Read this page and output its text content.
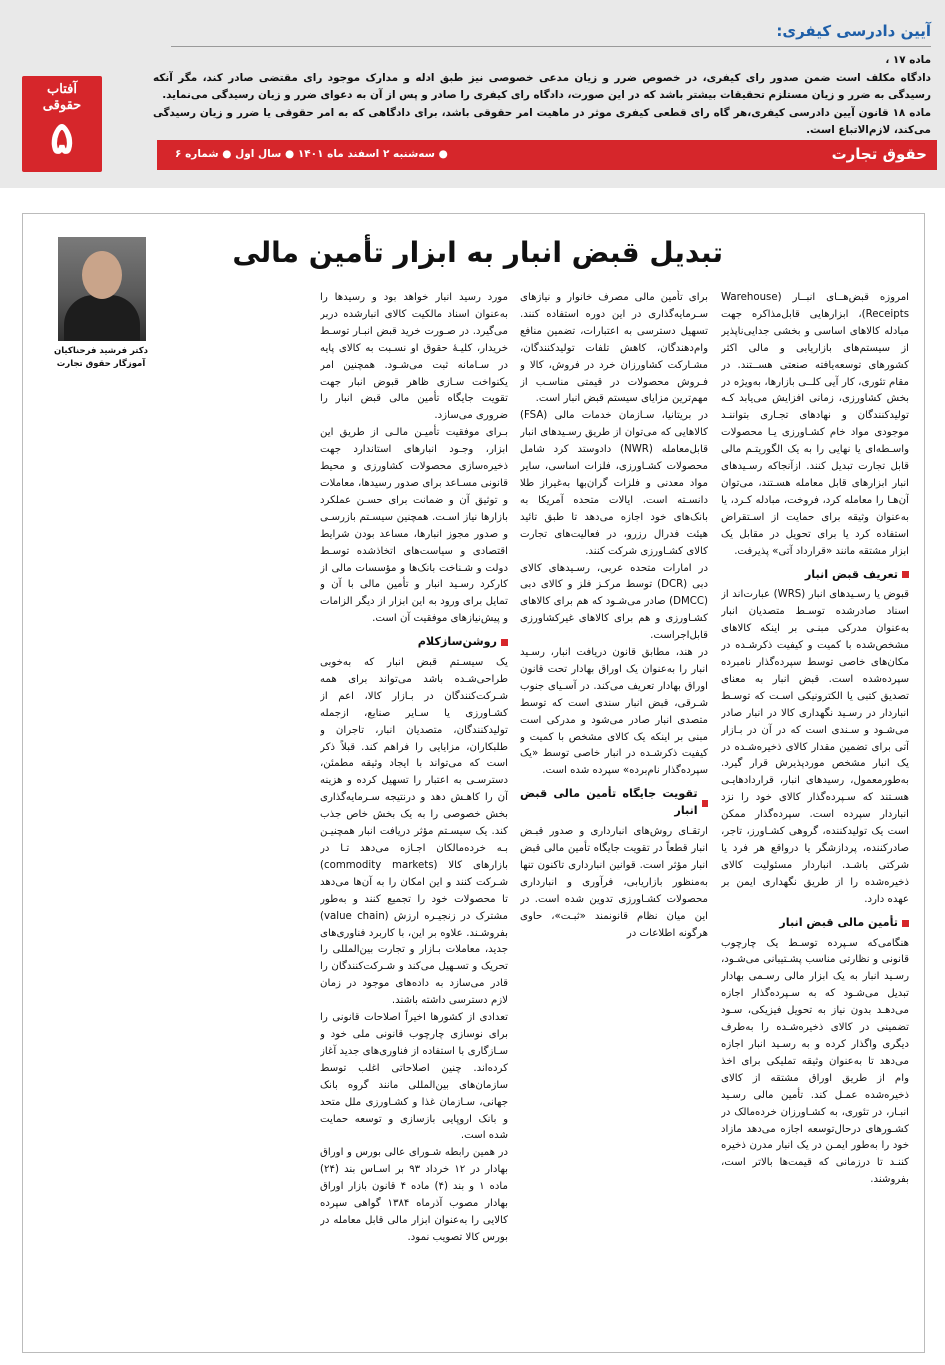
آیین دادرسی کیفری:

ماده ۱۷ ،

دادگاه مکلف است ضمن صدور رای کیفری، در خصوص ضرر و زیان مدعی خصوصی نیز طبق ادله و مدارک موجود رای مقتضی صادر کند، مگر آنکه رسیدگی به ضرر و زیان مستلزم تحقیقات بیشتر باشد که در این صورت، دادگاه رای کیفری را صادر و پس از آن به دعوای ضرر و زیان رسیدگی می‌نماید.

ماده ۱۸ قانون آیین دادرسی کیفری،هر گاه رای قطعی کیفری موثر در ماهیت امر حقوقی باشد، برای دادگاهی که به امر حقوقی یا ضرر و زیان رسیدگی می‌کند، لازم‌الاتباع است.

حقوق تجارت
● سه‌شنبه ۲ اسفند ماه ۱۴۰۱ ● سال اول ● شماره ۶
آفتاب حقوقی
۵
تبدیل قبض انبار به ابزار تأمین مالی
دکتر فرشید فرحناکیان
آموزگار حقوق تجارت

امروزه قبض‌هــای انبــار (Warehouse Receipts)، ابزارهایی قابل‌مذاکره جهت مبادله کالاهای اساسی و بخشی جدایی‌ناپذیر از سیستم‌های بازاریابی و مالی اکثر کشورهای توسعه‌یافته صنعتی هســتند. در مقام تئوری، کار آیی کلــی بازارها، به‌ویژه در بخش کشاورزی، زمانی افزایش می‌یابد کـه تولیدکنندگان و نهادهای تجـاری بتواننـد موجودی مواد خام کشـاورزی یـا محصولات واسـطه‌ای یا نهایی را به یک الگوریتـم مالی قابل تجارت تبدیل کنند. ازآنجاکه رسـیدهای انبار ابزارهای قابل معامله هسـتند، می‌توان آن‌هـا را معامله کرد، فروخت، مبادله کـرد، یا به‌عنوان وثیقه برای حمایت از اسـتقراض استفاده کرد یا برای تحویل در مقابل یک ابزار مشتقه مانند «قرارداد آتی» پذیرفت.

تعریف قبض انبار

قبوض یا رسـیدهای انبار (WRS) عبارت‌اند از اسناد صادرشده توسـط متصدیان انبار به‌عنوان مدرکی مبنـی بر اینکه کالاهای مشخص‌شده با کمیت و کیفیت ذکرشـده در مکان‌های خاصی توسط سپرده‌گذار نامبرده سپرده‌شده است. قبض انبار به معنای تصدیق کتبی یا الکترونیکی اسـت که توسـط انباردار در رسـید نگهداری کالا در انبار صادر می‌شـود و سـندی است که در آن در بـازار آتی برای تضمین مقدار کالای ذخیره‌شـده در یک انبار مشخص موردپذیرش قرار گیرد. به‌طورمعمول، رسیدهای انبار، قراردادهایـی هسـتند که سـپرده‌گذار کالای خود را نزد انباردار سپرده است. سپرده‌گذار ممکن است یک تولیدکننده، گروهی کشـاورز، تاجر، صادرکننده، پردازشگر یا درواقع هر فرد یا شرکتی باشـد. انباردار مسئولیت کالای ذخیره‌شده را از طریق نگهداری ایمن بر عهده دارد.

تأمین مالی قبض انبار

هنگامی‌که سـپرده توسـط یک چارچوب قانونی و نظارتی مناسب پشـتیبانی می‌شـود، رسـید انبار به یک ابزار مالی رسـمی بهادار تبدیل می‌شـود که به سـپرده‌گذار اجازه می‌دهـد بدون نیاز به تحویل فیزیکی، سـود تضمینی در کالای ذخیره‌شـده را به‌طرف دیگری واگذار کرده و به رسـید انبار اجازه می‌دهد تا به‌عنوان وثیقه تملیکی برای اخذ وام از طریق اوراق مشتقه از کالای ذخیره‌شده عمـل کند. تأمین مالی رسـید انبـار، در تئوری، به کشـاورزان خرده‌مالک در کشـورهای درحال‌توسعه اجازه می‌دهد مازاد خود را به‌طور ایمـن در یک انبار مدرن ذخیره کننـد تا درزمانی که قیمت‌ها بالاتر است، بفروشند.

برای تأمین مالی مصرف خانوار و نیازهای سـرمایه‌گذاری در این دوره استفاده کنند. تسهیل دسترسی به اعتبارات، تضمین منافع وام‌دهندگان، کاهش تلفات تولیدکنندگان، مشـارکت کشاورزان خرد در فروش، کالا و فـروش محصولات در قیمتی مناسـب از مهم‌ترین مزایای سیستم قبض انبار است.

در بریتانیا، سـازمان خدمات مالی (FSA) کالاهایی که می‌توان از طریق رسـیدهای انبار قابل‌معامله (NWR) دادوستد کرد شامل محصولات کشـاورزی، فلزات اساسی، سایر مواد معدنی و فلزات گران‌بها به‌غیراز طلا دانسـته است. ایالات متحده آمریکا به بانک‌های خود اجازه می‌دهد تا طبق تائید هیئت فدرال رزرو، در فعالیت‌های تجارت کالای کشـاورزی شرکت کنند.

در امارات متحده عربی، رسـیدهای کالای دبی (DCR) توسط مرکـز فلز و کالای دبی (DMCC) صادر می‌شـود که هم برای کالاهای کشـاورزی و هم برای کالاهای غیرکشاورزی قابل‌اجراست.

در هند، مطابق قانون دریافت انبار، رسـید انبار را به‌عنوان یک اوراق بهادار تحت قانون اوراق بهادار تعریف می‌کند. در آسـیای جنوب شـرقی، قبض انبار سندی است که توسط متصدی انبار صادر می‌شود و مدرکی است مبنی بر اینکه یک کالای مشخص با کمیت و کیفیت ذکرشـده در انبار خاصی توسط «یک سپرده‌گذار نام‌برده» سپرده شده است.

تقویت جایگاه تأمین مالی قبض انبار

ارتقـای روش‌های انبارداری و صدور قبـض انبار قطعاً در تقویت جایگاه تأمین مالی قبض انبار مؤثر است. قوانین انبارداری تاکنون تنها به‌منظور بازاریابی، فرآوری و انبارداری محصولات کشـاورزی تدوین شده است. در این میان نظام قانونمند «ثبـت»، حاوی هرگونه اطلاعات در

مورد رسید انبار خواهد بود و رسیدها را به‌عنوان اسناد مالکیت کالای انبارشده دربر می‌گیرد. در صـورت خرید قبض انبـار توسـط خریدار، کلیـۀ حقوق او نسـبت به کالای پایه در سـامانه ثبت می‌شـود. همچنین امر یکنواخت سـازی ظاهر قبوض انبار جهت تقویت جایگاه تأمین مالی قبض انبار را ضروری می‌سازد.

بـرای موفقیت تأمیـن مالـی از طریق این ابزار، وجـود انبارهای استاندارد جهت ذخیره‌سازی محصولات کشاورزی و محیط قانونی مسـاعد برای صدور رسیدها، معاملات و توثیق آن و ضمانت برای حسـن عملکرد بازارها نیاز اسـت. همچنین سیسـتم بازرسـی و صدور مجوز انبارها، مساعد بودن شرایط اقتصادی و سیاست‌های اتخاذشده توسـط دولت و شـناخت بانک‌ها و مؤسسات مالی از کارکرد رسـید انبار و تأمین مالی با آن و تمایل برای ورود به این ابزار از دیگر الزامات و پیش‌نیازهای موفقیت آن است.

روشن‌سازکلام

یک سیسـتم قبض انبار که به‌خوبی طراحی‌شـده باشد می‌تواند برای همه شـرکت‌کنندگان در بـازار کالا، اعم از کشـاورزی یا سـایر صنایع، ازجمله تولیدکنندگان، متصدیان انبار، تاجران و طلبکاران، مزایایی را فراهم کند. قبلاً ذکر است که می‌تواند با ایجاد وثیقه مطمئن، دسترسـی به اعتبار را تسهیل کرده و هزینه آن را کاهـش دهد و درنتیجه سـرمایه‌گذاری بخش خصوصی را به یک بخش خاص جذب کند. یک سیسـتم مؤثر دریافت انبار همچنیـن بـه خرده‌مالکان اجـازه می‌دهد تـا در بازارهای کالا (commodity markets) شـرکت کنند و این امکان را به آن‌ها می‌دهد تا محصولات خود را تجمیع کنند و به‌طور مشترک در زنجیـره ارزش (value chain) بفروشـند. علاوه بر این، با کاربرد فناوری‌های جدید، معاملات بـازار و تجارت بین‌المللی را تحریک و تسـهیل می‌کند و شـرکت‌کنندگان را قادر می‌سازد به داده‌های موجود در زمان لازم دسترسی داشته باشند.

تعدادی از کشورها اخیراً اصلاحات قانونی را برای نوسازی چارچوب قانونی ملی خود و سـازگاری با استفاده از فناوری‌های جدید آغاز کرده‌اند. چنین اصلاحاتی اغلب توسط سازمان‌های بین‌المللی مانند گروه بانک جهانی، سـازمان غذا و کشـاورزی ملل متحد و بانک اروپایی بازسازی و توسعه حمایت شده است.

در همین رابطه شـورای عالی بورس و اوراق بهادار در ۱۲ خرداد ۹۳ بر اسـاس بند (۲۴) ماده ۱ و بند (۴) ماده ۴ قانون بازار اوراق بهادار مصوب آذرماه ۱۳۸۴ گواهی سپرده کالایی را به‌عنوان ابزار مالی قابل معامله در بورس کالا تصویب نمود.
